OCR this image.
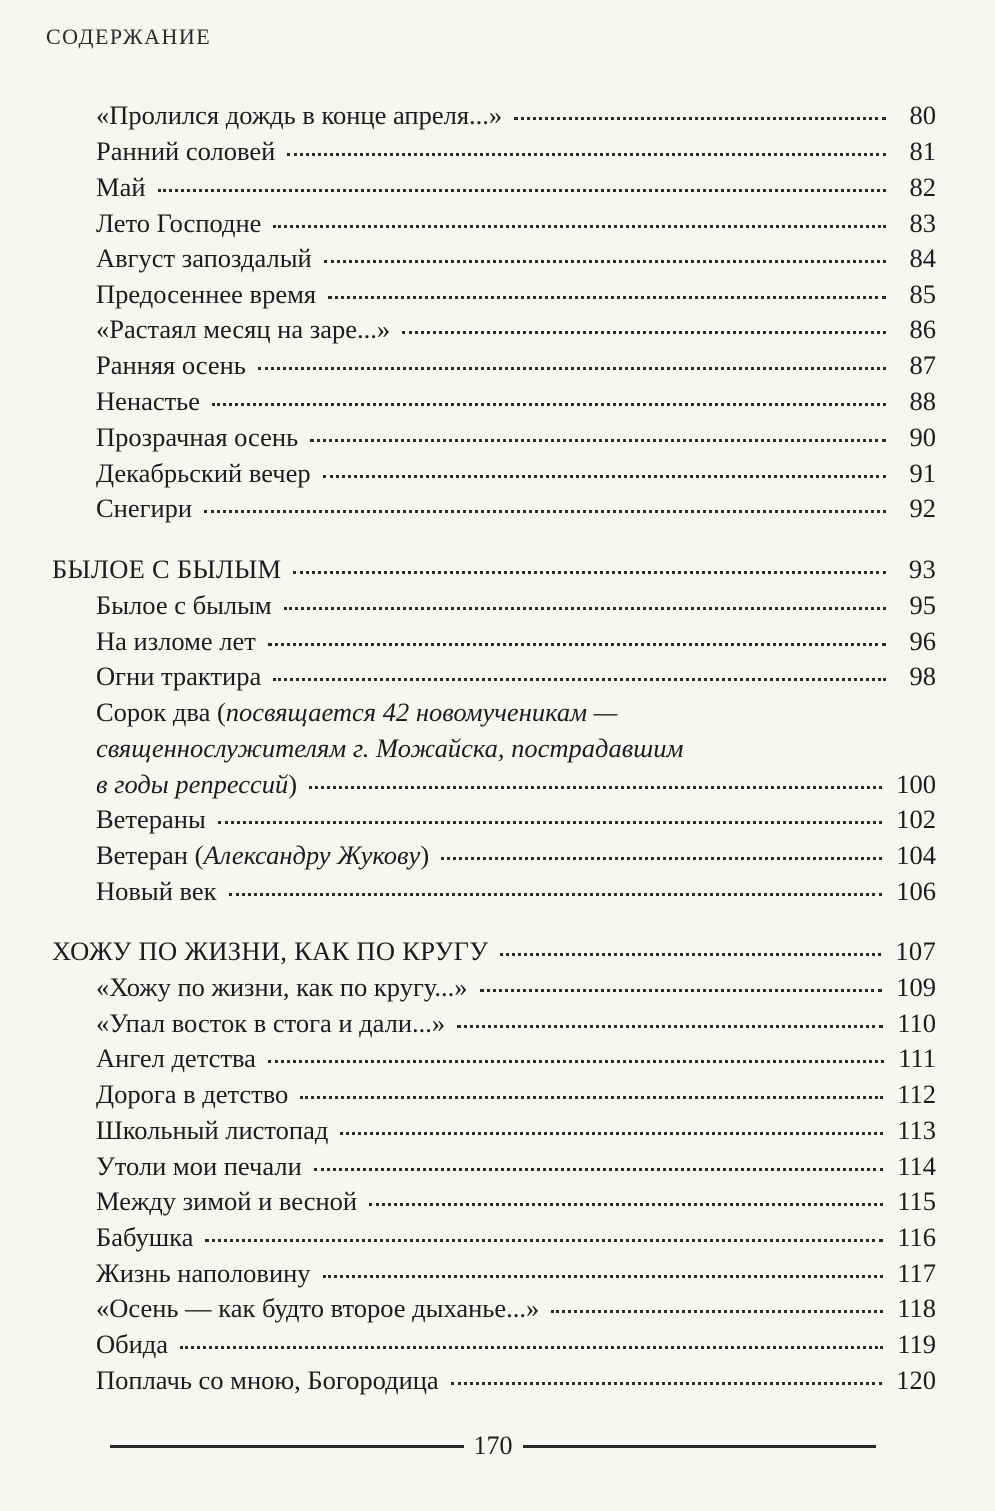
СОДЕРЖАНИЕ
«Пролился дождь в конце апреля...»	80
Ранний соловей	81
Май	82
Лето Господне	83
Август запоздалый	84
Предосеннее время	85
«Растаял месяц на заре...»	86
Ранняя осень	87
Ненастье	88
Прозрачная осень	90
Декабрьский вечер	91
Снегири	92
БЫЛОЕ С БЫЛЫМ	93
Былое с былым	95
На изломе лет	96
Огни трактира	98
Сорок два (посвящается 42 новомученикам —
священнослужителям г. Можайска, пострадавшим
в годы репрессий)	100
Ветераны	102
Ветеран (Александру Жукову)	104
Новый век	106
ХОЖУ ПО ЖИЗНИ, КАК ПО КРУГУ	107
«Хожу по жизни, как по кругу...»	109
«Упал восток в стога и дали...»	110
Ангел детства	111
Дорога в детство	112
Школьный листопад	113
Утоли мои печали	114
Между зимой и весной	115
Бабушка	116
Жизнь наполовину	117
«Осень — как будто второе дыханье...»	118
Обида	119
Поплачь со мною, Богородица	120
170
